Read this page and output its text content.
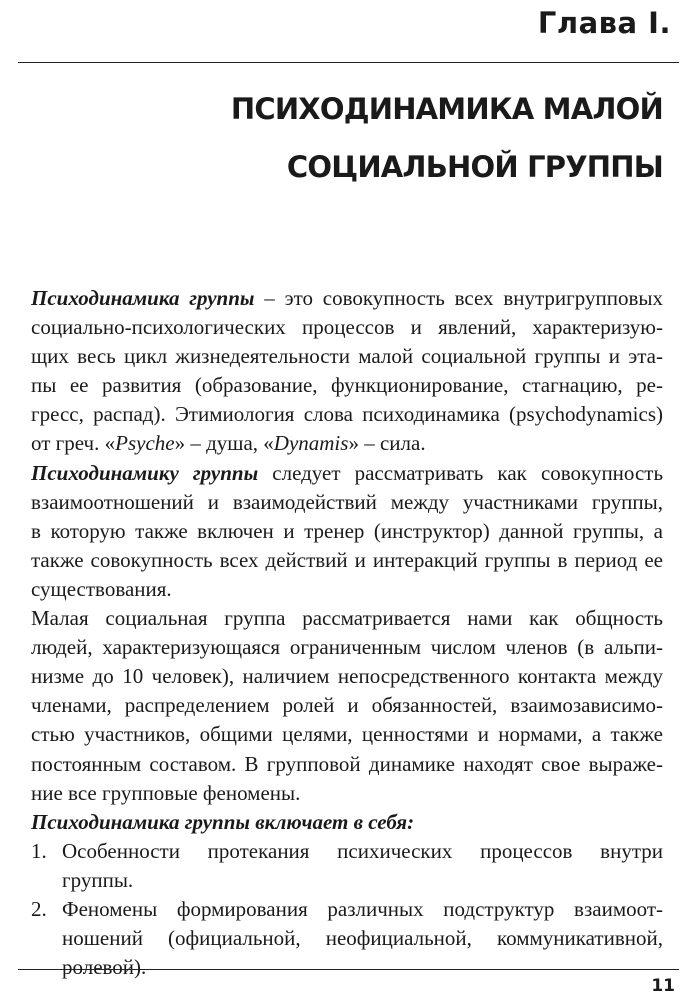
Глава I.
ПСИХОДИНАМИКА МАЛОЙ
СОЦИАЛЬНОЙ ГРУППЫ
Психодинамика группы – это совокупность всех внутригрупповых
социально-психологических процессов и явлений, характеризую-
щих весь цикл жизнедеятельности малой социальной группы и эта-
пы ее развития (образование, функционирование, стагнацию, ре-
гресс, распад). Этимиология слова психодинамика (psychodynamics)
от греч. «Psyche» – душа, «Dynamis» – сила.
Психодинамику группы следует рассматривать как совокупность
взаимоотношений и взаимодействий между участниками группы,
в которую также включен и тренер (инструктор) данной группы, а
также совокупность всех действий и интеракций группы в период ее
существования.
Малая социальная группа рассматривается нами как общность
людей, характеризующаяся ограниченным числом членов (в альпи-
низме до 10 человек), наличием непосредственного контакта между
членами, распределением ролей и обязанностей, взаимозависимо-
стью участников, общими целями, ценностями и нормами, а также
постоянным составом. В групповой динамике находят свое выраже-
ние все групповые феномены.
Психодинамика группы включает в себя:
1. Особенности протекания психических процессов внутри
группы.
2. Феномены формирования различных подструктур взаимоот-
ношений (официальной, неофициальной, коммуникативной,
ролевой).
11
